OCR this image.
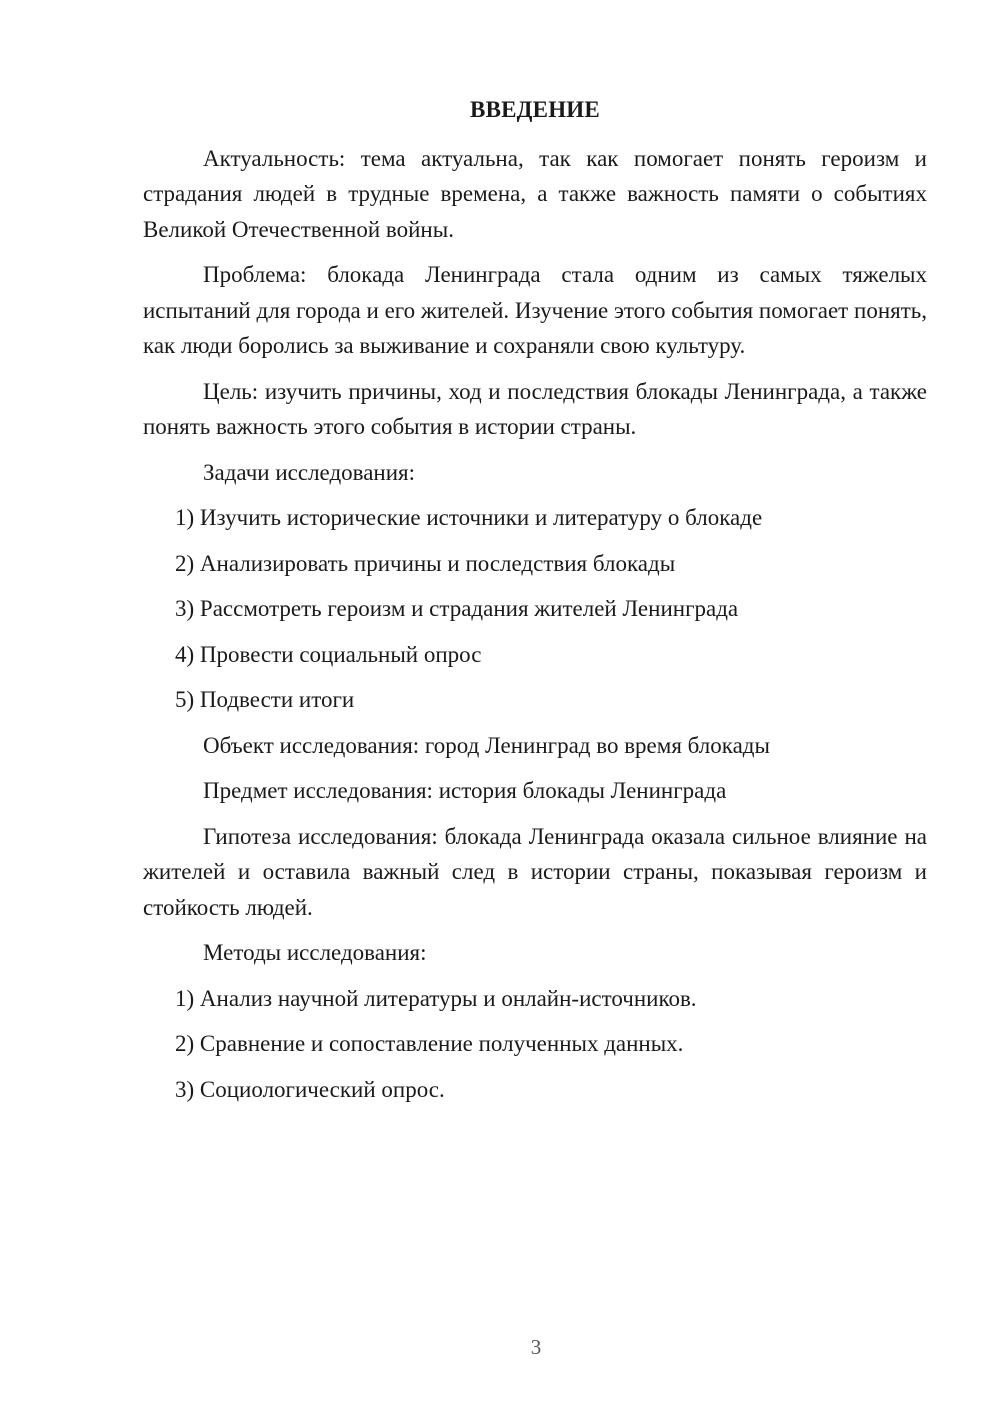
ВВЕДЕНИЕ

Актуальность: тема актуальна, так как помогает понять героизм и страдания людей в трудные времена, а также важность памяти о событиях Великой Отечественной войны.

Проблема: блокада Ленинграда стала одним из самых тяжелых испытаний для города и его жителей. Изучение этого события помогает понять, как люди боролись за выживание и сохраняли свою культуру.

Цель: изучить причины, ход и последствия блокады Ленинграда, а также понять важность этого события в истории страны.

Задачи исследования:

1) Изучить исторические источники и литературу о блокаде
2) Анализировать причины и последствия блокады
3) Рассмотреть героизм и страдания жителей Ленинграда
4) Провести социальный опрос
5) Подвести итоги

Объект исследования: город Ленинград во время блокады

Предмет исследования: история блокады Ленинграда

Гипотеза исследования: блокада Ленинграда оказала сильное влияние на жителей и оставила важный след в истории страны, показывая героизм и стойкость людей.

Методы исследования:

1) Анализ научной литературы и онлайн-источников.
2) Сравнение и сопоставление полученных данных.
3) Социологический опрос.
3
